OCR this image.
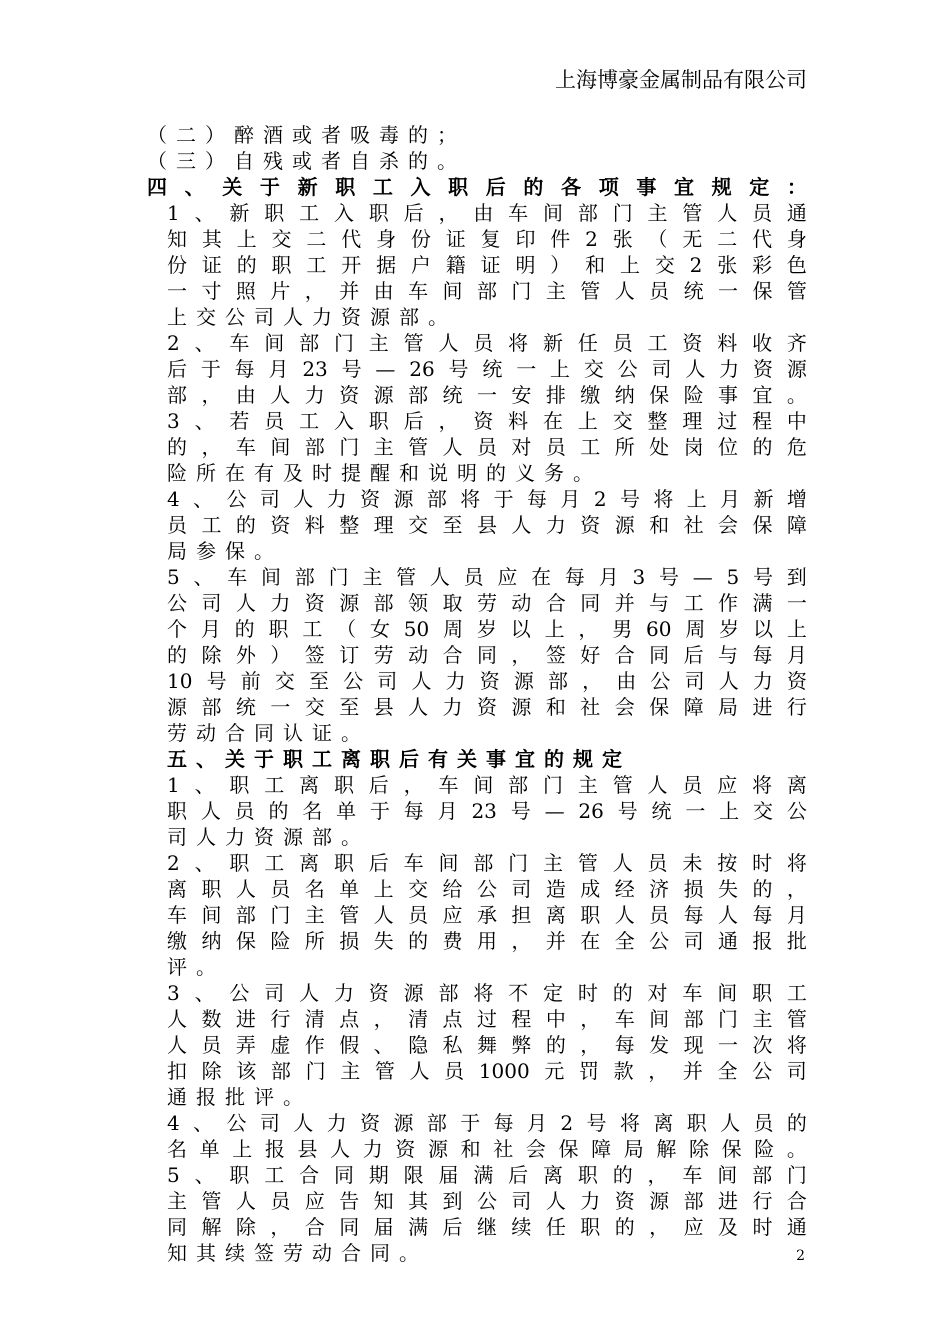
上海博豪金属制品有限公司
（ 二 ） 醉 酒 或 者 吸 毒 的 ；
（ 三 ） 自 残 或 者 自 杀 的 。
四 、 关 于 新 职 工 入 职 后 的 各 项 事 宜 规 定 ：
1 、 新 职 工 入 职 后 ， 由 车 间 部 门 主 管 人 员 通
知 其 上 交 二 代 身 份 证 复 印 件 2 张 （ 无 二 代 身
份 证 的 职 工 开 据 户 籍 证 明 ） 和 上 交 2 张 彩 色
一 寸 照 片 ， 并 由 车 间 部 门 主 管 人 员 统 一 保 管
上 交 公 司 人 力 资 源 部 。
2 、 车 间 部 门 主 管 人 员 将 新 任 员 工 资 料 收 齐
后 于 每 月 23 号 — 26 号 统 一 上 交 公 司 人 力 资 源
部 ， 由 人 力 资 源 部 统 一 安 排 缴 纳 保 险 事 宜 。
3 、 若 员 工 入 职 后 ， 资 料 在 上 交 整 理 过 程 中
的 ， 车 间 部 门 主 管 人 员 对 员 工 所 处 岗 位 的 危
险 所 在 有 及 时 提 醒 和 说 明 的 义 务 。
4 、 公 司 人 力 资 源 部 将 于 每 月 2 号 将 上 月 新 增
员 工 的 资 料 整 理 交 至 县 人 力 资 源 和 社 会 保 障
局 参 保 。
5 、 车 间 部 门 主 管 人 员 应 在 每 月 3 号 — 5 号 到
公 司 人 力 资 源 部 领 取 劳 动 合 同 并 与 工 作 满 一
个 月 的 职 工 （ 女 50 周 岁 以 上 ， 男 60 周 岁 以 上
的 除 外 ） 签 订 劳 动 合 同 ， 签 好 合 同 后 与 每 月
10 号 前 交 至 公 司 人 力 资 源 部 ， 由 公 司 人 力 资
源 部 统 一 交 至 县 人 力 资 源 和 社 会 保 障 局 进 行
劳 动 合 同 认 证 。
五 、 关 于 职 工 离 职 后 有 关 事 宜 的 规 定
1 、 职 工 离 职 后 ， 车 间 部 门 主 管 人 员 应 将 离
职 人 员 的 名 单 于 每 月 23 号 — 26 号 统 一 上 交 公
司 人 力 资 源 部 。
2 、 职 工 离 职 后 车 间 部 门 主 管 人 员 未 按 时 将
离 职 人 员 名 单 上 交 给 公 司 造 成 经 济 损 失 的 ，
车 间 部 门 主 管 人 员 应 承 担 离 职 人 员 每 人 每 月
缴 纳 保 险 所 损 失 的 费 用 ， 并 在 全 公 司 通 报 批
评 。
3 、 公 司 人 力 资 源 部 将 不 定 时 的 对 车 间 职 工
人 数 进 行 清 点 ， 清 点 过 程 中 ， 车 间 部 门 主 管
人 员 弄 虚 作 假 、 隐 私 舞 弊 的 ， 每 发 现 一 次 将
扣 除 该 部 门 主 管 人 员 1000 元 罚 款 ， 并 全 公 司
通 报 批 评 。
4 、 公 司 人 力 资 源 部 于 每 月 2 号 将 离 职 人 员 的
名 单 上 报 县 人 力 资 源 和 社 会 保 障 局 解 除 保 险 。
5 、 职 工 合 同 期 限 届 满 后 离 职 的 ， 车 间 部 门
主 管 人 员 应 告 知 其 到 公 司 人 力 资 源 部 进 行 合
同 解 除 ， 合 同 届 满 后 继 续 任 职 的 ， 应 及 时 通
知 其 续 签 劳 动 合 同 。	2
